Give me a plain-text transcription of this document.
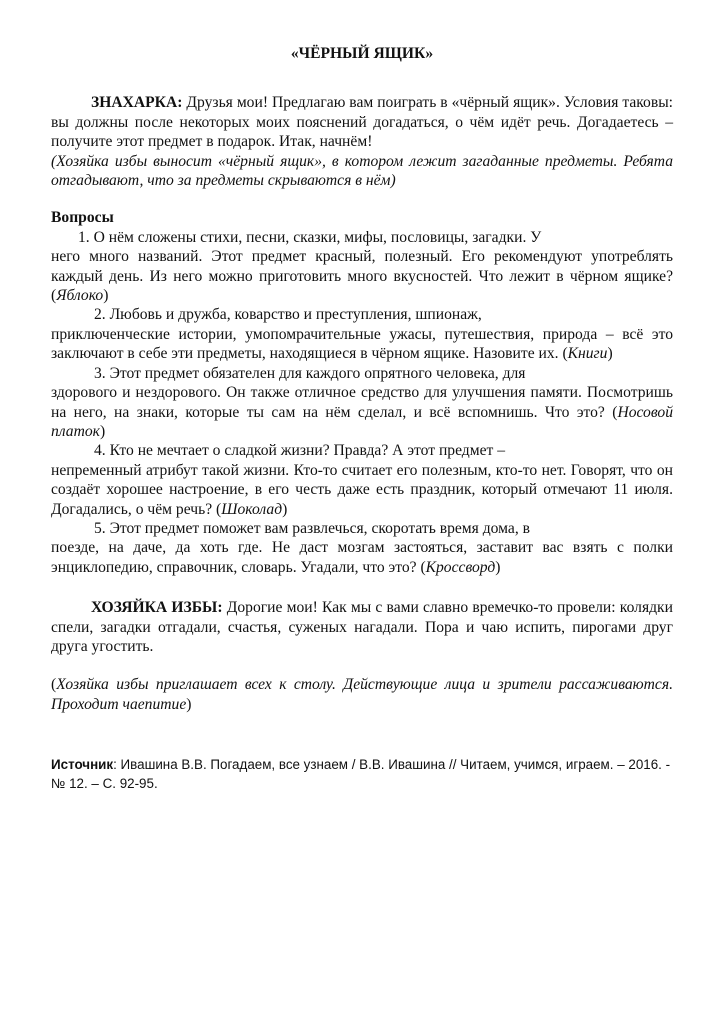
«ЧЁРНЫЙ ЯЩИК»

ЗНАХАРКА: Друзья мои! Предлагаю вам поиграть в «чёрный ящик». Условия таковы: вы должны после некоторых моих пояснений догадаться, о чём идёт речь. Догадаетесь – получите этот предмет в подарок. Итак, начнём!

(Хозяйка избы выносит «чёрный ящик», в котором лежит загаданные предметы. Ребята отгадывают, что за предметы скрываются в нём)

Вопросы

1. О нём сложены стихи, песни, сказки, мифы, пословицы, загадки. У

него много названий. Этот предмет красный, полезный. Его рекомендуют употреблять каждый день. Из него можно приготовить много вкусностей. Что лежит в чёрном ящике? (Яблоко)

2. Любовь и дружба, коварство и преступления, шпионаж,

приключенческие истории, умопомрачительные ужасы, путешествия, природа – всё это заключают в себе эти предметы, находящиеся в чёрном ящике. Назовите их. (Книги)

3. Этот предмет обязателен для каждого опрятного человека, для

здорового и нездорового. Он также отличное средство для улучшения памяти. Посмотришь на него, на знаки, которые ты сам на нём сделал, и всё вспомнишь. Что это? (Носовой платок)

4. Кто не мечтает о сладкой жизни? Правда? А этот предмет –

непременный атрибут такой жизни. Кто-то считает его полезным, кто-то нет. Говорят, что он создаёт хорошее настроение, в его честь даже есть праздник, который отмечают 11 июля. Догадались, о чём речь? (Шоколад)

5. Этот предмет поможет вам развлечься, скоротать время дома, в

поезде, на даче, да хоть где. Не даст мозгам застояться, заставит вас взять с полки энциклопедию, справочник, словарь. Угадали, что это? (Кроссворд)

ХОЗЯЙКА ИЗБЫ: Дорогие мои! Как мы с вами славно времечко-то провели: колядки спели, загадки отгадали, счастья, суженых нагадали. Пора и чаю испить, пирогами друг друга угостить.

(Хозяйка избы приглашает всех к столу. Действующие лица и зрители рассаживаются. Проходит чаепитие)

Источник: Ивашина В.В. Погадаем, все узнаем / В.В. Ивашина // Читаем, учимся, играем. – 2016. - № 12. – С. 92-95.
